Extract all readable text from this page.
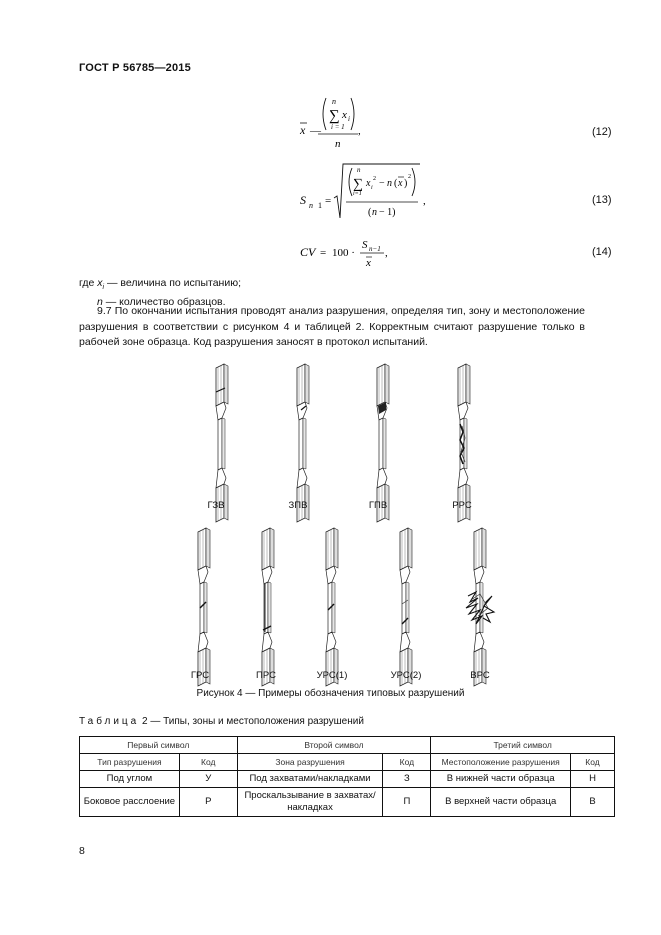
ГОСТ Р 56785—2015
x —
n
∑
i = 1
x i
,
n
(12)
S n 1 =
n
∑
i=1
x i
2 − n ( x )
2
( n − 1)
,	(13)
CV = 100 ·
S n−1
x
,	(14)
где $x_i$ — величина по испытанию;
n — количество образцов.
9.7 По окончании испытания проводят анализ разрушения, определяя тип, зону и местоположение разрушения в соответствии с рисунком 4 и таблицей 2. Корректным считают разрушение только в рабочей зоне образца. Код разрушения заносят в протокол испытаний.
ГЗВ	ЗПВ	ГПВ	РРС
ГРС	ПРС	УРС(1)	УРС(2)	ВРС
Рисунок 4 — Примеры обозначения типовых разрушений
Таблица 2 — Типы, зоны и местоположения разрушений
Первый символ		Второй символ		Третий символ	
Тип разрушения	Код	Зона разрушения	Код	Местоположение разрушения	Код
Под углом	У	Под захватами/накладками	З	В нижней части образца	Н
Боковое расслоение	Р	Проскальзывание в захватах/накладках	П	В верхней части образца	В
8
